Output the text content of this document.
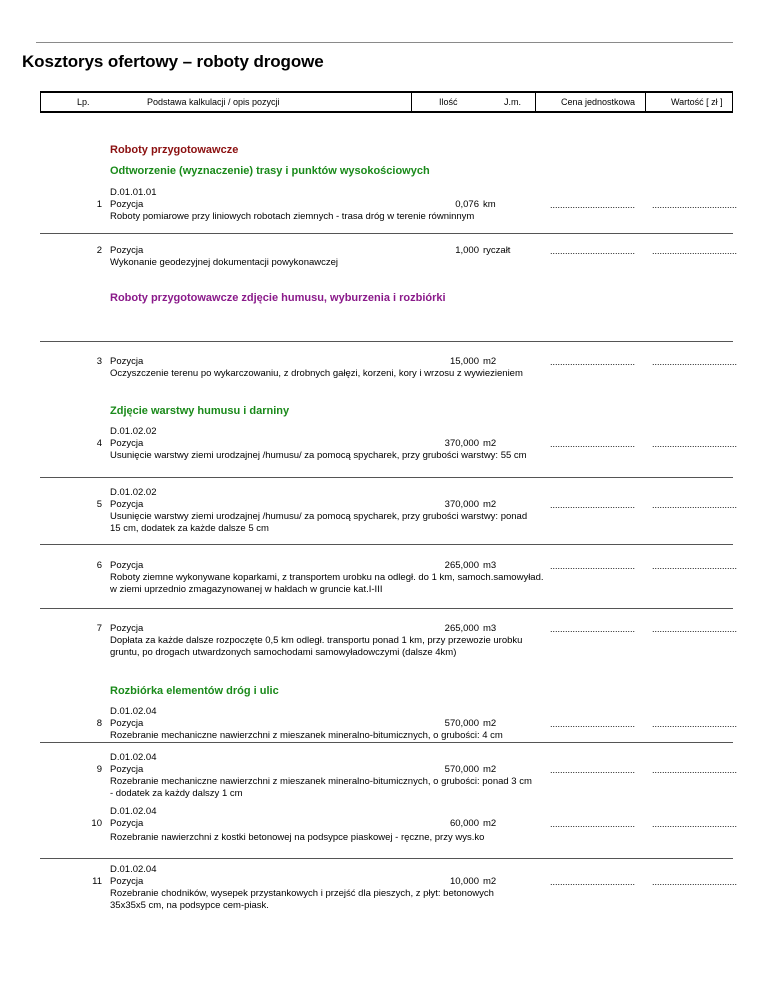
Kosztorys ofertowy – roboty drogowe
Lp.	Podstawa kalkulacji / opis pozycji	Ilość	J.m.	Cena jednostkowa	Wartość [ zł ]
Roboty przygotowawcze
Odtworzenie (wyznaczenie) trasy i punktów wysokościowych
Roboty przygotowawcze zdjęcie humusu, wyburzenia i rozbiórki
Zdjęcie warstwy humusu i darniny
Rozbiórka elementów dróg i ulic
D.01.01.01
1 Pozycja	0,076 km	.................................. ..................................
Roboty pomiarowe przy liniowych robotach ziemnych - trasa dróg w terenie równinnym
2 Pozycja	1,000 ryczałt	.................................. ..................................
Wykonanie geodezyjnej dokumentacji powykonawczej
3 Pozycja	15,000 m2	.................................. ..................................
Oczyszczenie terenu po wykarczowaniu, z drobnych gałęzi, korzeni, kory i wrzosu z wywiezieniem
D.01.02.02
4 Pozycja	370,000 m2	.................................. ..................................
Usunięcie warstwy ziemi urodzajnej /humusu/ za pomocą spycharek, przy grubości warstwy: 55 cm
D.01.02.02
5 Pozycja	370,000 m2	.................................. ..................................
Usunięcie warstwy ziemi urodzajnej /humusu/ za pomocą spycharek, przy grubości warstwy: ponad 15 cm, dodatek za każde dalsze 5 cm
6 Pozycja	265,000 m3	.................................. ..................................
Roboty ziemne wykonywane koparkami, z transportem urobku na odległ. do 1 km, samoch.samowyład. w ziemi uprzednio zmagazynowanej w hałdach w gruncie kat.I-III
7 Pozycja	265,000 m3	.................................. ..................................
Dopłata za każde dalsze rozpoczęte 0,5 km odległ. transportu ponad 1 km, przy przewozie urobku gruntu, po drogach utwardzonych samochodami samowyładowczymi (dalsze 4km)
D.01.02.04
8 Pozycja	570,000 m2	.................................. ..................................
Rozebranie mechaniczne nawierzchni z mieszanek mineralno-bitumicznych, o grubości: 4 cm
D.01.02.04
9 Pozycja	570,000 m2	.................................. ..................................
Rozebranie mechaniczne nawierzchni z mieszanek mineralno-bitumicznych, o grubości: ponad 3 cm - dodatek za każdy dalszy 1 cm
D.01.02.04
10 Pozycja	60,000 m2	.................................. ..................................
Rozebranie nawierzchni z kostki betonowej na podsypce piaskowej - ręczne, przy wys.ko
D.01.02.04
11 Pozycja	10,000 m2	.................................. ..................................
Rozebranie chodników, wysepek przystankowych i przejść dla pieszych, z płyt: betonowych 35x35x5 cm, na podsypce cem-piask.
